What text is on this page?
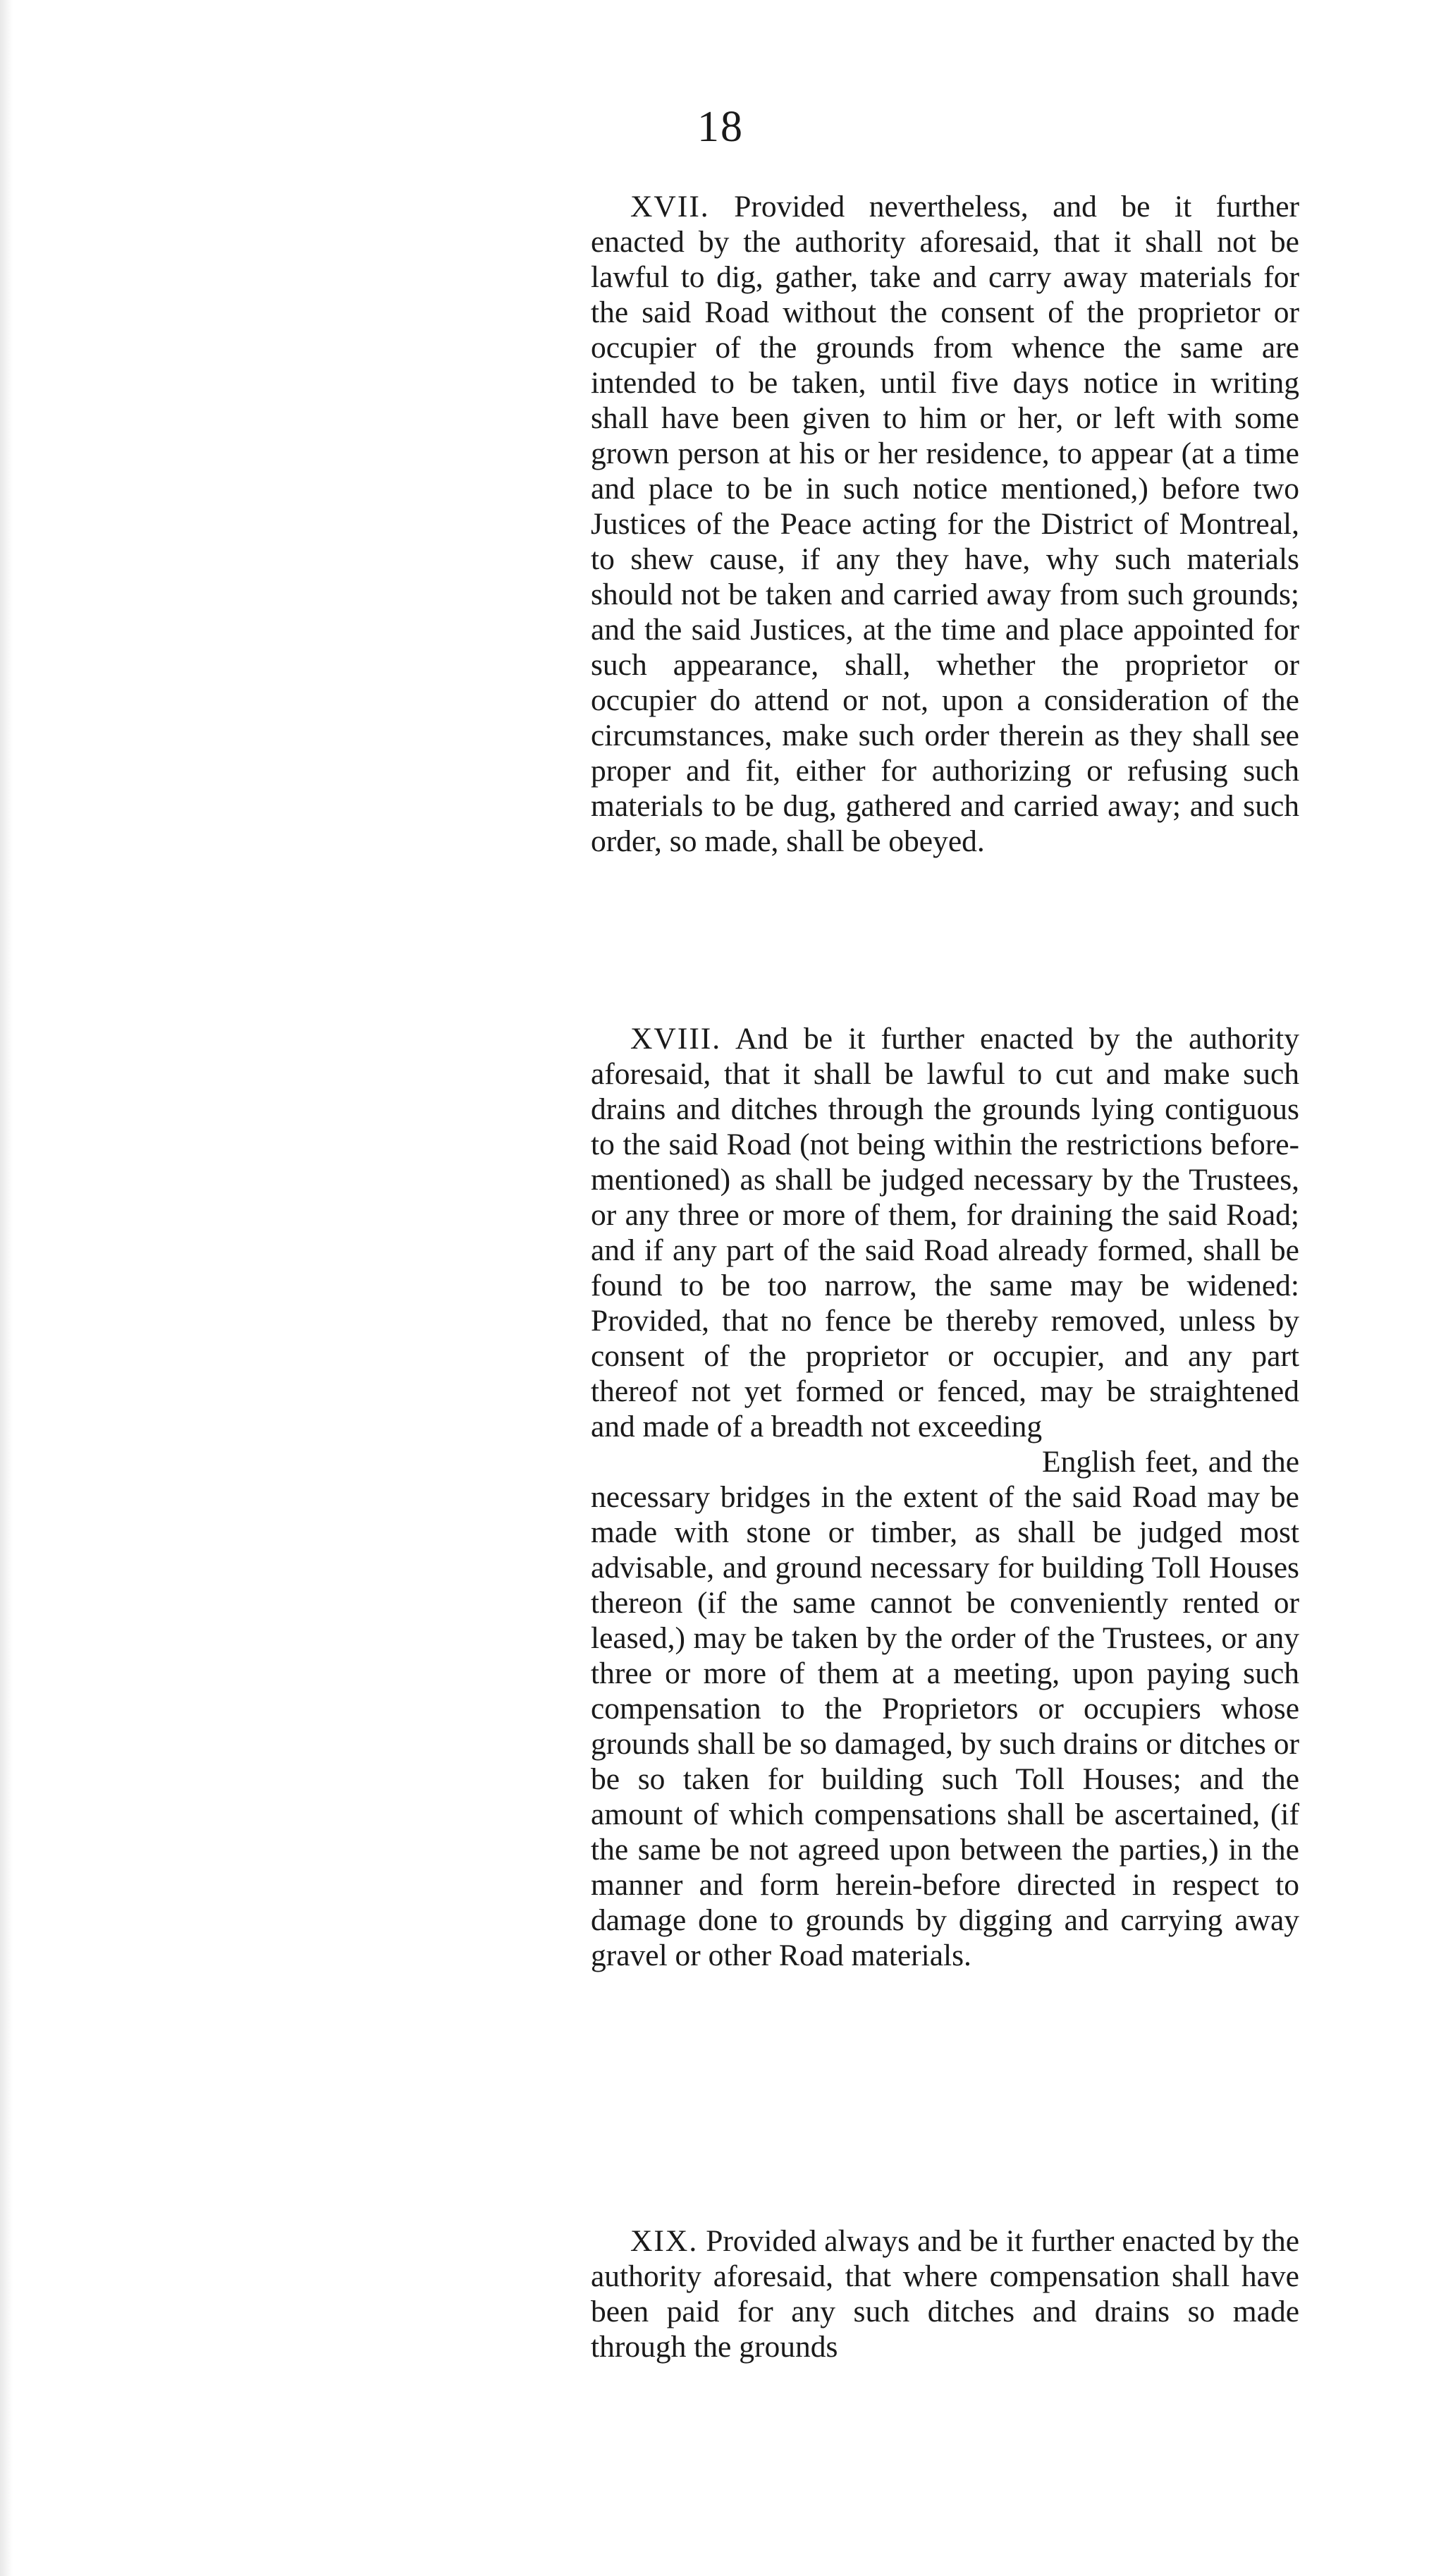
18

XVII. Provided nevertheless, and be it further enacted by the authority aforesaid, that it shall not be lawful to dig, gather, take and carry away materials for the said Road without the consent of the proprietor or occupier of the grounds from whence the same are intended to be taken, until five days notice in writing shall have been given to him or her, or left with some grown person at his or her residence, to appear (at a time and place to be in such notice mentioned,) before two Justices of the Peace acting for the District of Montreal, to shew cause, if any they have, why such materials should not be taken and carried away from such grounds; and the said Justices, at the time and place appointed for such appearance, shall, whether the proprietor or occupier do attend or not, upon a consideration of the circumstances, make such order therein as they shall see proper and fit, either for authorizing or refusing such materials to be dug, gathered and carried away; and such order, so made, shall be obeyed.

XVIII. And be it further enacted by the authority aforesaid, that it shall be lawful to cut and make such drains and ditches through the grounds lying contiguous to the said Road (not being within the restrictions before-mentioned) as shall be judged necessary by the Trustees, or any three or more of them, for draining the said Road; and if any part of the said Road already formed, shall be found to be too narrow, the same may be widened: Provided, that no fence be thereby removed, unless by consent of the proprietor or occupier, and any part thereof not yet formed or fenced, may be straightened and made of a breadth not exceeding

English feet, and the necessary bridges in the extent of the said Road may be made with stone or timber, as shall be judged most advisable, and ground necessary for building Toll Houses thereon (if the same cannot be conveniently rented or leased,) may be taken by the order of the Trustees, or any three or more of them at a meeting, upon paying such compensation to the Proprietors or occupiers whose grounds shall be so damaged, by such drains or ditches or be so taken for building such Toll Houses; and the amount of which compensations shall be ascertained, (if the same be not agreed upon between the parties,) in the manner and form herein-before directed in respect to damage done to grounds by digging and carrying away gravel or other Road materials.

XIX. Provided always and be it further enacted by the authority aforesaid, that where compensation shall have been paid for any such ditches and drains so made through the grounds
